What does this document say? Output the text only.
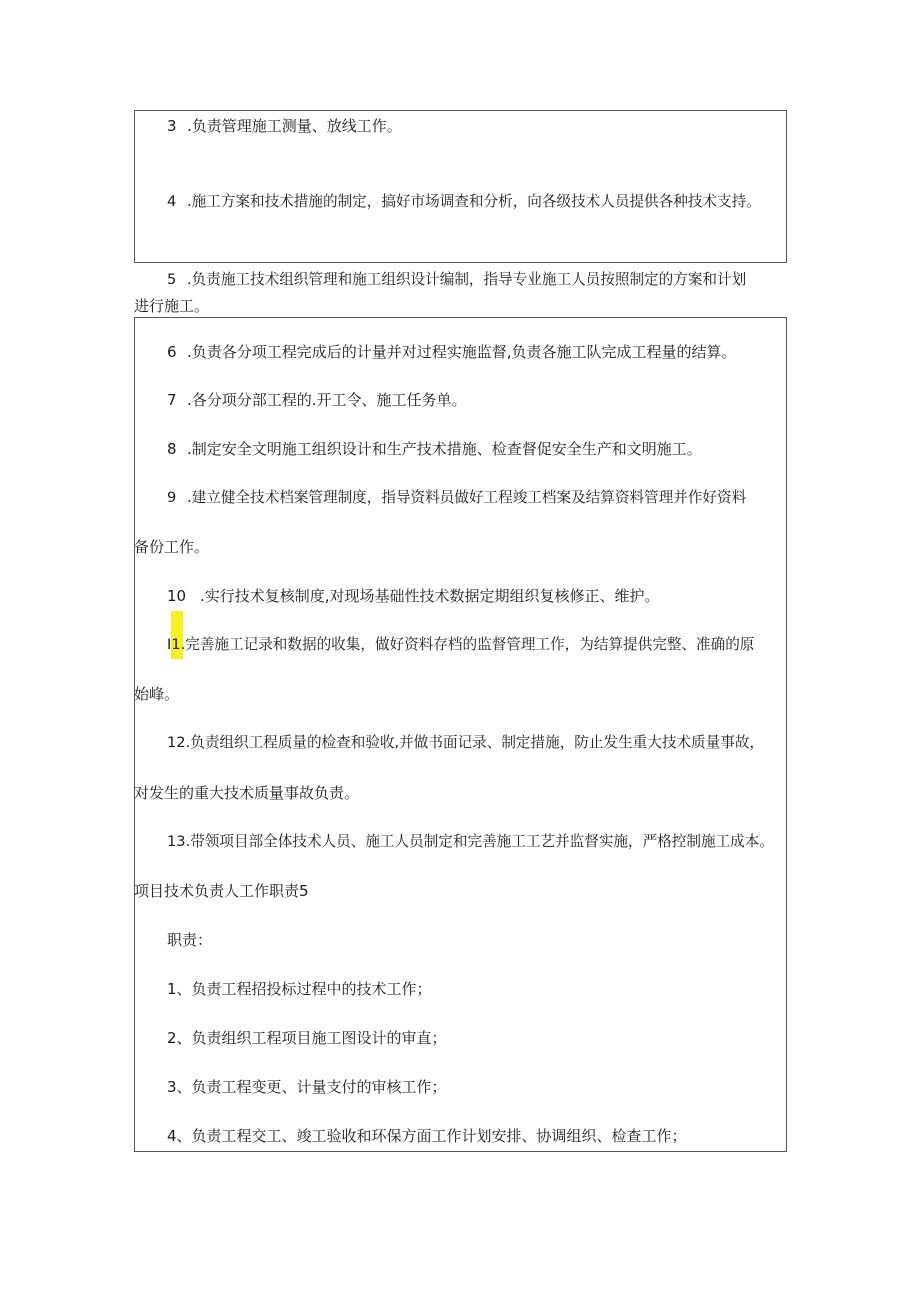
3 .负责管理施工测量、放线工作。

4 .施工方案和技术措施的制定，搞好市场调查和分析，向各级技术人员提供各种技术支持。

5 .负责施工技术组织管理和施工组织设计编制，指导专业施工人员按照制定的方案和计划

进行施工。

6 .负责各分项工程完成后的计量并对过程实施监督,负责各施工队完成工程量的结算。

7 .各分项分部工程的.开工令、施工任务单。

8 .制定安全文明施工组织设计和生产技术措施、检查督促安全生产和文明施工。

9 .建立健全技术档案管理制度，指导资料员做好工程竣工档案及结算资料管理并作好资料

备份工作。

10 .实行技术复核制度,对现场基础性技术数据定期组织复核修正、维护。

I1.完善施工记录和数据的收集，做好资料存档的监督管理工作，为结算提供完整、准确的原

始峰。

12.负责组织工程质量的检查和验收,并做书面记录、制定措施，防止发生重大技术质量事故，

对发生的重大技术质量事故负责。

13.带领项目部全体技术人员、施工人员制定和完善施工工艺并监督实施，严格控制施工成本。

项目技术负责人工作职责5

职责：

1、负责工程招投标过程中的技术工作；

2、负责组织工程项目施工图设计的审直；

3、负责工程变更、计量支付的审核工作；

4、负责工程交工、竣工验收和环保方面工作计划安排、协调组织、检查工作；
